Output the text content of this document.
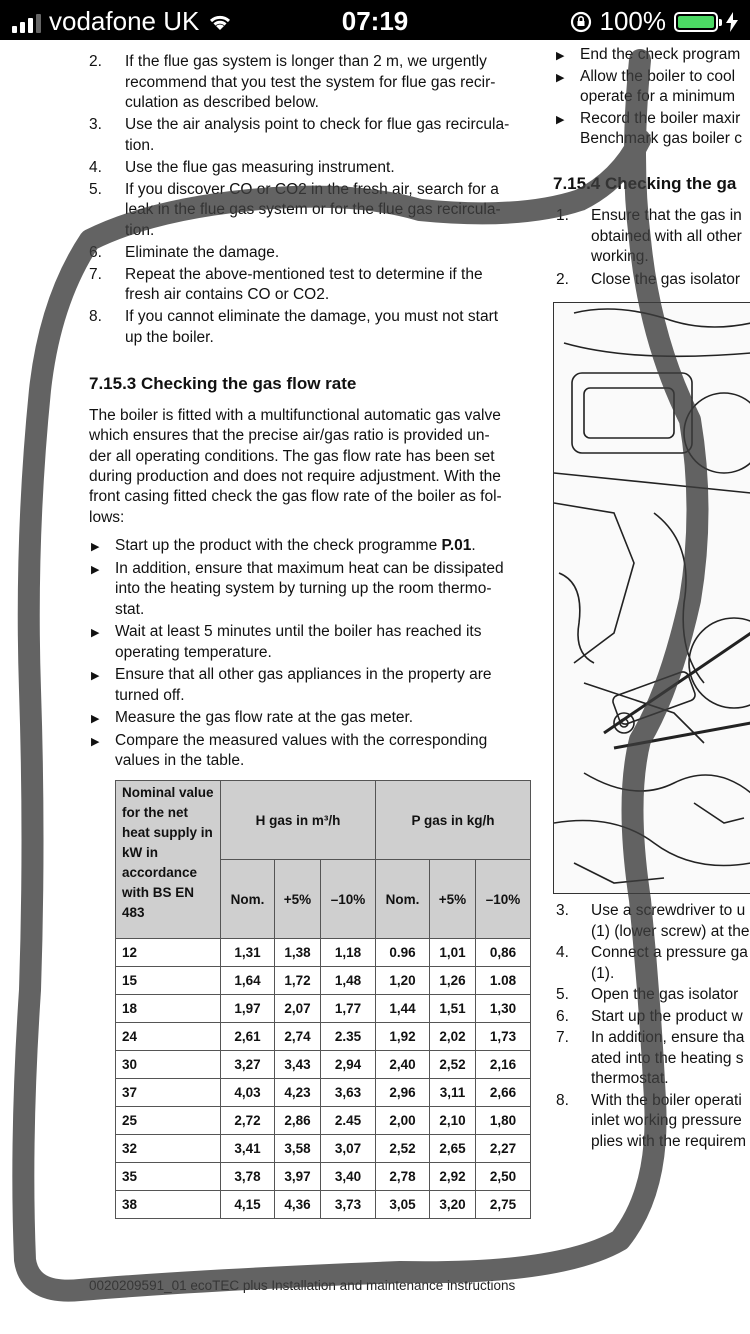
vodafone UK	07:19	100%
2. If the flue gas system is longer than 2 m, we urgently
recommend that you test the system for flue gas recir-
culation as described below.
3. Use the air analysis point to check for flue gas recircula-
tion.
4. Use the flue gas measuring instrument.
5. If you discover CO or CO2 in the fresh air, search for a
leak in the flue gas system or for the flue gas recircula-
tion.
6. Eliminate the damage.
7. Repeat the above-mentioned test to determine if the
fresh air contains CO or CO2.
8. If you cannot eliminate the damage, you must not start
up the boiler.
7.15.3 Checking the gas flow rate
The boiler is fitted with a multifunctional automatic gas valve
which ensures that the precise air/gas ratio is provided un-
der all operating conditions. The gas flow rate has been set
during production and does not require adjustment. With the
front casing fitted check the gas flow rate of the boiler as fol-
lows:
▶ Start up the product with the check programme P.01.
▶ In addition, ensure that maximum heat can be dissipated
into the heating system by turning up the room thermo-
stat.
▶ Wait at least 5 minutes until the boiler has reached its
operating temperature.
▶ Ensure that all other gas appliances in the property are
turned off.
▶ Measure the gas flow rate at the gas meter.
▶ Compare the measured values with the corresponding
values in the table.
Nominal value for the net heat supply in kW in accordance with BS EN 483	H gas in m³/h			P gas in kg/h		
	Nom.	+5%	–10%	Nom.	+5%	–10%
12	1,31	1,38	1,18	0.96	1,01	0,86
15	1,64	1,72	1,48	1,20	1,26	1.08
18	1,97	2,07	1,77	1,44	1,51	1,30
24	2,61	2,74	2.35	1,92	2,02	1,73
30	3,27	3,43	2,94	2,40	2,52	2,16
37	4,03	4,23	3,63	2,96	3,11	2,66
25	2,72	2,86	2.45	2,00	2,10	1,80
32	3,41	3,58	3,07	2,52	2,65	2,27
35	3,78	3,97	3,40	2,78	2,92	2,50
38	4,15	4,36	3,73	3,05	3,20	2,75
▶ End the check program
▶ Allow the boiler to cool
operate for a minimum
▶ Record the boiler maxir
Benchmark gas boiler c
7.15.4 Checking the ga
1. Ensure that the gas in
obtained with all other
working.
2. Close the gas isolator
3. Use a screwdriver to u
(1) (lower screw) at the
4. Connect a pressure ga
(1).
5. Open the gas isolator
6. Start up the product w
7. In addition, ensure tha
ated into the heating s
thermostat.
8. With the boiler operati
inlet working pressure
plies with the requirem
0020209591_01 ecoTEC plus Installation and maintenance instructions
